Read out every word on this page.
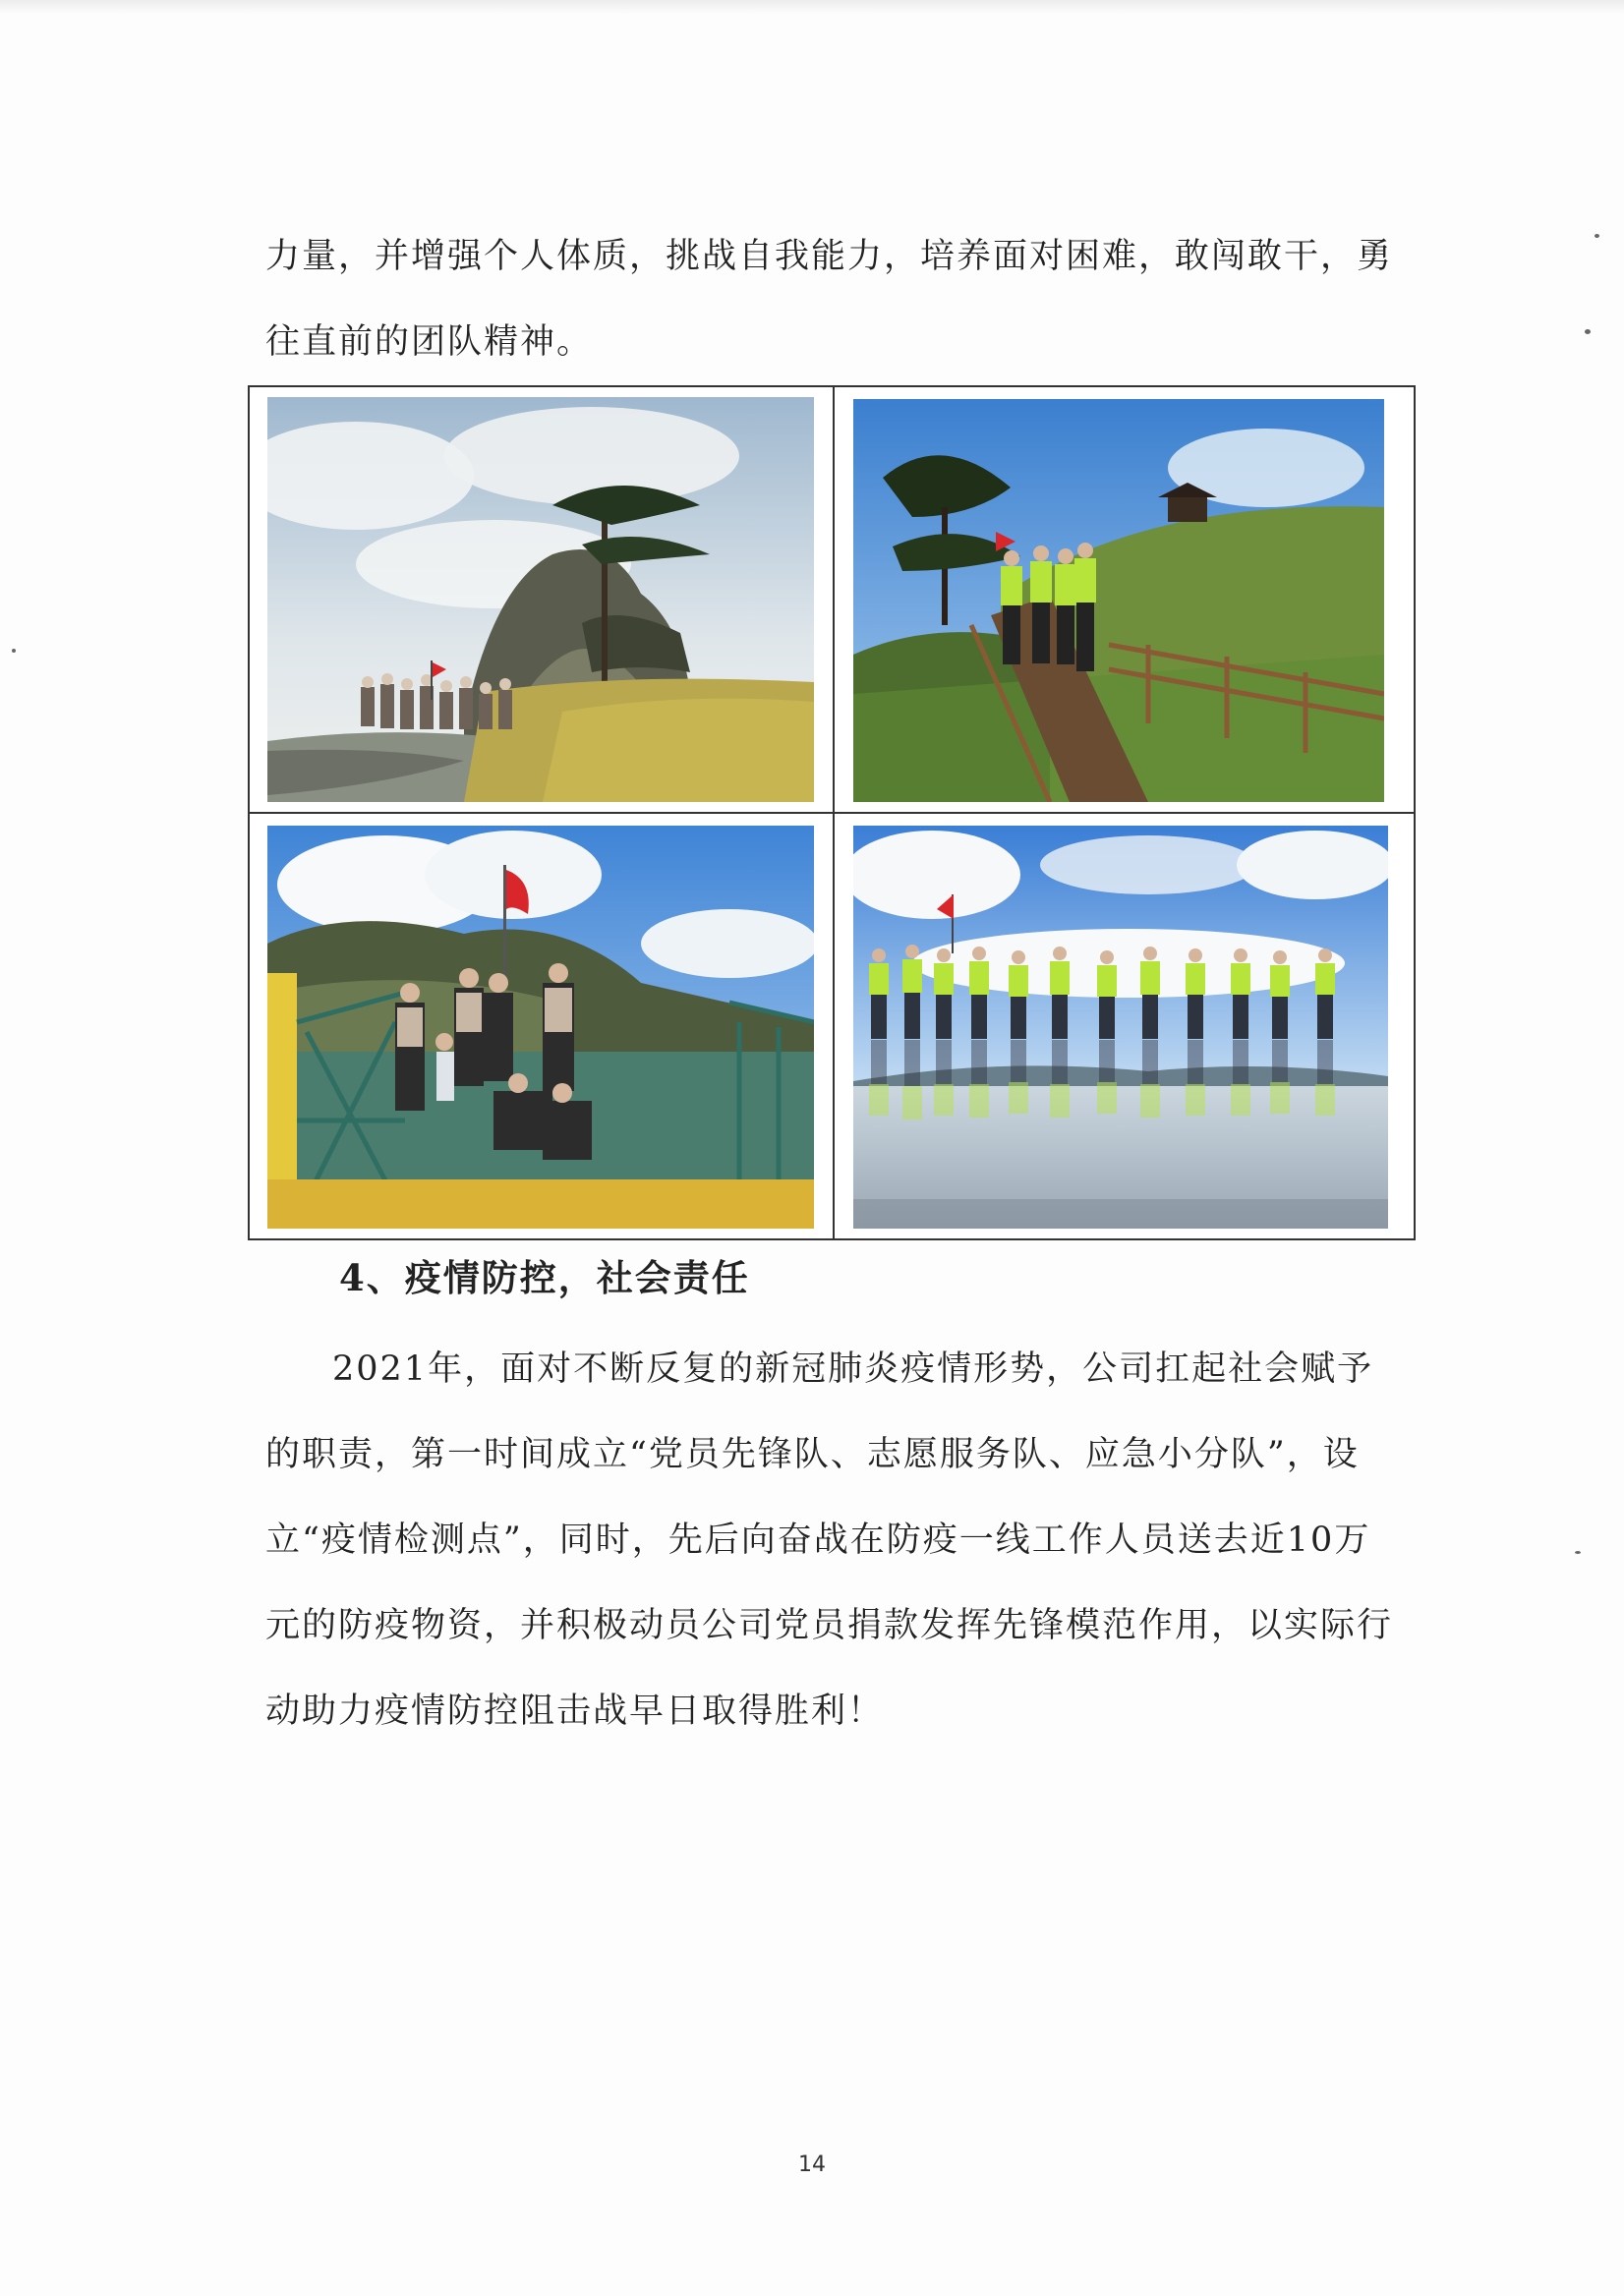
力量，并增强个人体质，挑战自我能力，培养面对困难，敢闯敢干，勇往直前的团队精神。

4、疫情防控，社会责任

2021年，面对不断反复的新冠肺炎疫情形势，公司扛起社会赋予的职责，第一时间成立“党员先锋队、志愿服务队、应急小分队”，设立“疫情检测点”，同时，先后向奋战在防疫一线工作人员送去近10万元的防疫物资，并积极动员公司党员捐款发挥先锋模范作用，以实际行动助力疫情防控阻击战早日取得胜利！

14
